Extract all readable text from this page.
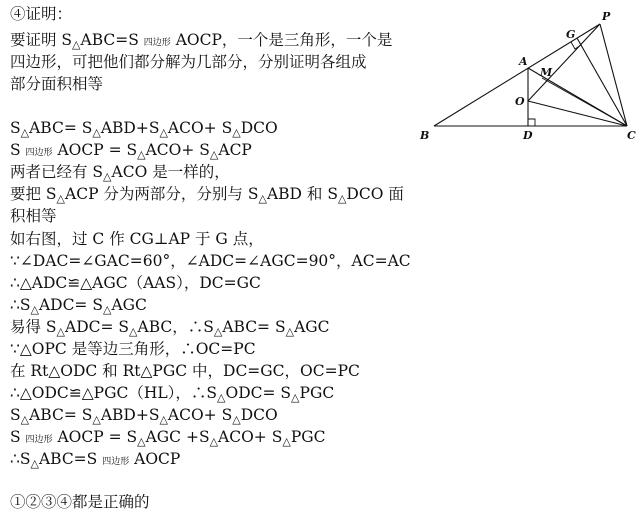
④证明：
要证明 $S_\triangle ABC=S$ 四边形 AOCP，一个是三角形，一个是
四边形，可把他们都分解为几部分，分别证明各组成
部分面积相等
$S_\triangle ABC= S_\triangle ABD+S_\triangle ACO+ S_\triangle DCO$
S 四边形 AOCP = $S_\triangle ACO+ S_\triangle ACP$
两者已经有 $S_\triangle ACO$ 是一样的，
要把 $S_\triangle ACP$ 分为两部分，分别与 $S_\triangle ABD$ 和 $S_\triangle DCO$ 面
积相等
如右图，过 C 作 CG⊥AP 于 G 点，
∵∠DAC=∠GAC=60°，∠ADC=∠AGC=90°，AC=AC
∴△ADC≌△AGC（AAS），DC=GC
$\therefore S_\triangle ADC= S_\triangle AGC$
易得 $S_\triangle ADC= S_\triangle ABC$，$\therefore S_\triangle ABC= S_\triangle AGC$
∵△OPC 是等边三角形，∴OC=PC
在 Rt△ODC 和 Rt△PGC 中，DC=GC，OC=PC
∴△ODC≌△PGC（HL），$\therefore S_\triangle ODC= S_\triangle PGC$
$S_\triangle ABC= S_\triangle ABD+S_\triangle ACO+ S_\triangle DCO$
S 四边形 AOCP = $S_\triangle AGC +S_\triangle ACO+ S_\triangle PGC$
$\therefore S_\triangle ABC=S$ 四边形 AOCP
①②③④都是正确的
P
G
A
M
O
B	D	C
